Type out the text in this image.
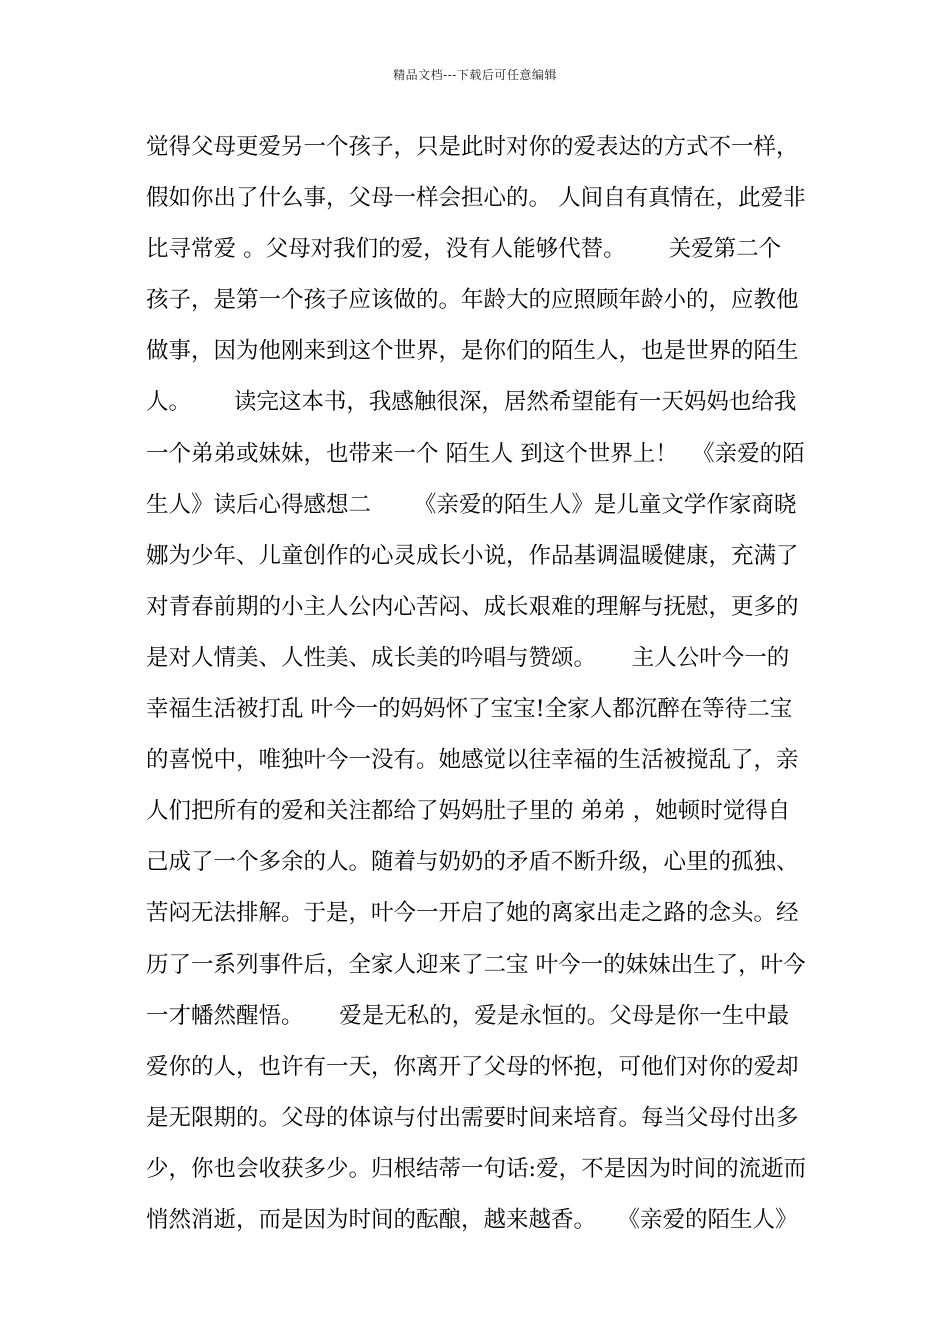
精品文档---下载后可任意编辑
觉得父母更爱另一个孩子，只是此时对你的爱表达的方式不一样，
假如你出了什么事，父母一样会担心的。 人间自有真情在，此爱非
比寻常爱 。父母对我们的爱，没有人能够代替。      关爱第二个
孩子，是第一个孩子应该做的。年龄大的应照顾年龄小的，应教他
做事，因为他刚来到这个世界，是你们的陌生人，也是世界的陌生
人。      读完这本书，我感触很深，居然希望能有一天妈妈也给我
一个弟弟或妹妹，也带来一个 陌生人 到这个世界上！  《亲爱的陌
生人》读后心得感想二      《亲爱的陌生人》是儿童文学作家商晓
娜为少年、儿童创作的心灵成长小说，作品基调温暖健康，充满了
对青春前期的小主人公内心苦闷、成长艰难的理解与抚慰，更多的
是对人情美、人性美、成长美的吟唱与赞颂。     主人公叶今一的
幸福生活被打乱 叶今一的妈妈怀了宝宝!全家人都沉醉在等待二宝
的喜悦中，唯独叶今一没有。她感觉以往幸福的生活被搅乱了，亲
人们把所有的爱和关注都给了妈妈肚子里的 弟弟 ，她顿时觉得自
己成了一个多余的人。随着与奶奶的矛盾不断升级，心里的孤独、
苦闷无法排解。于是，叶今一开启了她的离家出走之路的念头。经
历了一系列事件后，全家人迎来了二宝 叶今一的妹妹出生了，叶今
一才幡然醒悟。     爱是无私的，爱是永恒的。父母是你一生中最
爱你的人，也许有一天，你离开了父母的怀抱，可他们对你的爱却
是无限期的。父母的体谅与付出需要时间来培育。每当父母付出多
少，你也会收获多少。归根结蒂一句话:爱，不是因为时间的流逝而
悄然消逝，而是因为时间的酝酿，越来越香。   《亲爱的陌生人》
